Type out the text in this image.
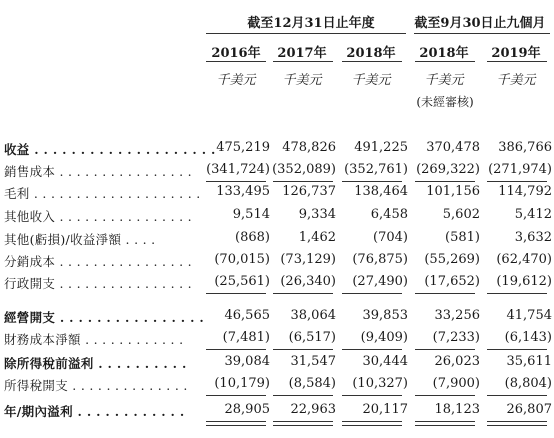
截至12月31日止年度	截至9月30日止九個月
2016年	2017年	2018年	2018年	2019年
千美元	千美元	千美元	千美元	千美元
(未經審核)
收益 . . . . . . . . . . . . . . . . . . . . 475,219 478,826	491,225	370,478	386,766
銷售成本 . . . . . . . . . . . . . . . .	(341,724) (352,089) (352,761) (269,322) (271,974)
毛利 . . . . . . . . . . . . . . . . . . . .	133,495 126,737	138,464	101,156	114,792
其他收入 . . . . . . . . . . . . . . . .	9,514	9,334	6,458	5,602	5,412
其他(虧損)/收益淨額 . . . .	(868)	1,462	(704)	(581)	3,632
分銷成本 . . . . . . . . . . . . . . . .	(70,015) (73,129)	(76,875)	(55,269)	(62,470)
行政開支 . . . . . . . . . . . . . . . .	(25,561) (26,340)	(27,490)	(17,652)	(19,612)
經營開支 . . . . . . . . . . . . . . . .	46,565	38,064	39,853	33,256	41,754
財務成本淨額 . . . . . . . . . . . .	(7,481)	(6,517)	(9,409)	(7,233)	(6,143)
除所得稅前溢利 . . . . . . . . . .	39,084	31,547	30,444	26,023	35,611
所得稅開支 . . . . . . . . . . . . . .	(10,179)	(8,584)	(10,327)	(7,900)	(8,804)
年/期內溢利 . . . . . . . . . . . .	28,905	22,963	20,117	18,123	26,807
